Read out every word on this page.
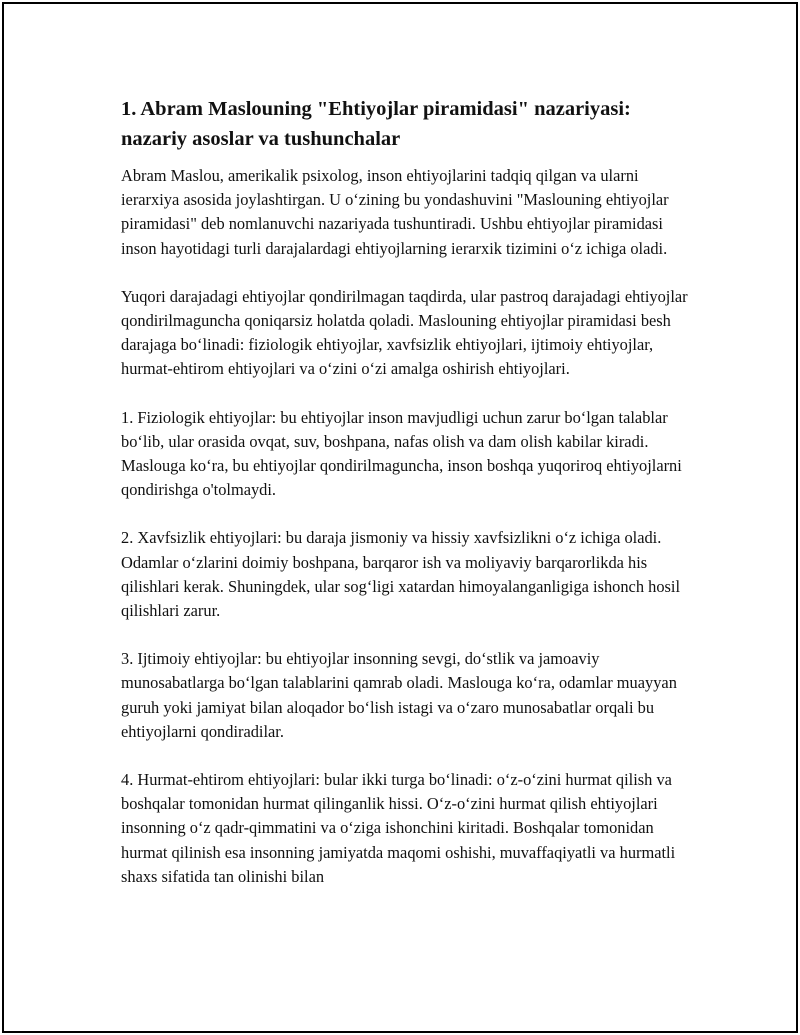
1. Abram Maslouning "Ehtiyojlar piramidasi" nazariyasi: nazariy asoslar va tushunchalar

Abram Maslou, amerikalik psixolog, inson ehtiyojlarini tadqiq qilgan va ularni ierarxiya asosida joylashtirgan. U o‘zining bu yondashuvini "Maslouning ehtiyojlar piramidasi" deb nomlanuvchi nazariyada tushuntiradi. Ushbu ehtiyojlar piramidasi inson hayotidagi turli darajalardagi ehtiyojlarning ierarxik tizimini o‘z ichiga oladi.

Yuqori darajadagi ehtiyojlar qondirilmagan taqdirda, ular pastroq darajadagi ehtiyojlar qondirilmaguncha qoniqarsiz holatda qoladi. Maslouning ehtiyojlar piramidasi besh darajaga bo‘linadi: fiziologik ehtiyojlar, xavfsizlik ehtiyojlari, ijtimoiy ehtiyojlar, hurmat-ehtirom ehtiyojlari va o‘zini o‘zi amalga oshirish ehtiyojlari.

1. Fiziologik ehtiyojlar: bu ehtiyojlar inson mavjudligi uchun zarur bo‘lgan talablar bo‘lib, ular orasida ovqat, suv, boshpana, nafas olish va dam olish kabilar kiradi. Maslouga ko‘ra, bu ehtiyojlar qondirilmaguncha, inson boshqa yuqoriroq ehtiyojlarni qondirishga o'tolmaydi.

2. Xavfsizlik ehtiyojlari: bu daraja jismoniy va hissiy xavfsizlikni o‘z ichiga oladi. Odamlar o‘zlarini doimiy boshpana, barqaror ish va moliyaviy barqarorlikda his qilishlari kerak. Shuningdek, ular sog‘ligi xatardan himoyalanganligiga ishonch hosil qilishlari zarur.

3. Ijtimoiy ehtiyojlar: bu ehtiyojlar insonning sevgi, do‘stlik va jamoaviy munosabatlarga bo‘lgan talablarini qamrab oladi. Maslouga ko‘ra, odamlar muayyan guruh yoki jamiyat bilan aloqador bo‘lish istagi va o‘zaro munosabatlar orqali bu ehtiyojlarni qondiradilar.

4. Hurmat-ehtirom ehtiyojlari: bular ikki turga bo‘linadi: o‘z-o‘zini hurmat qilish va boshqalar tomonidan hurmat qilinganlik hissi. O‘z-o‘zini hurmat qilish ehtiyojlari insonning o‘z qadr-qimmatini va o‘ziga ishonchini kiritadi. Boshqalar tomonidan hurmat qilinish esa insonning jamiyatda maqomi oshishi, muvaffaqiyatli va hurmatli shaxs sifatida tan olinishi bilan
